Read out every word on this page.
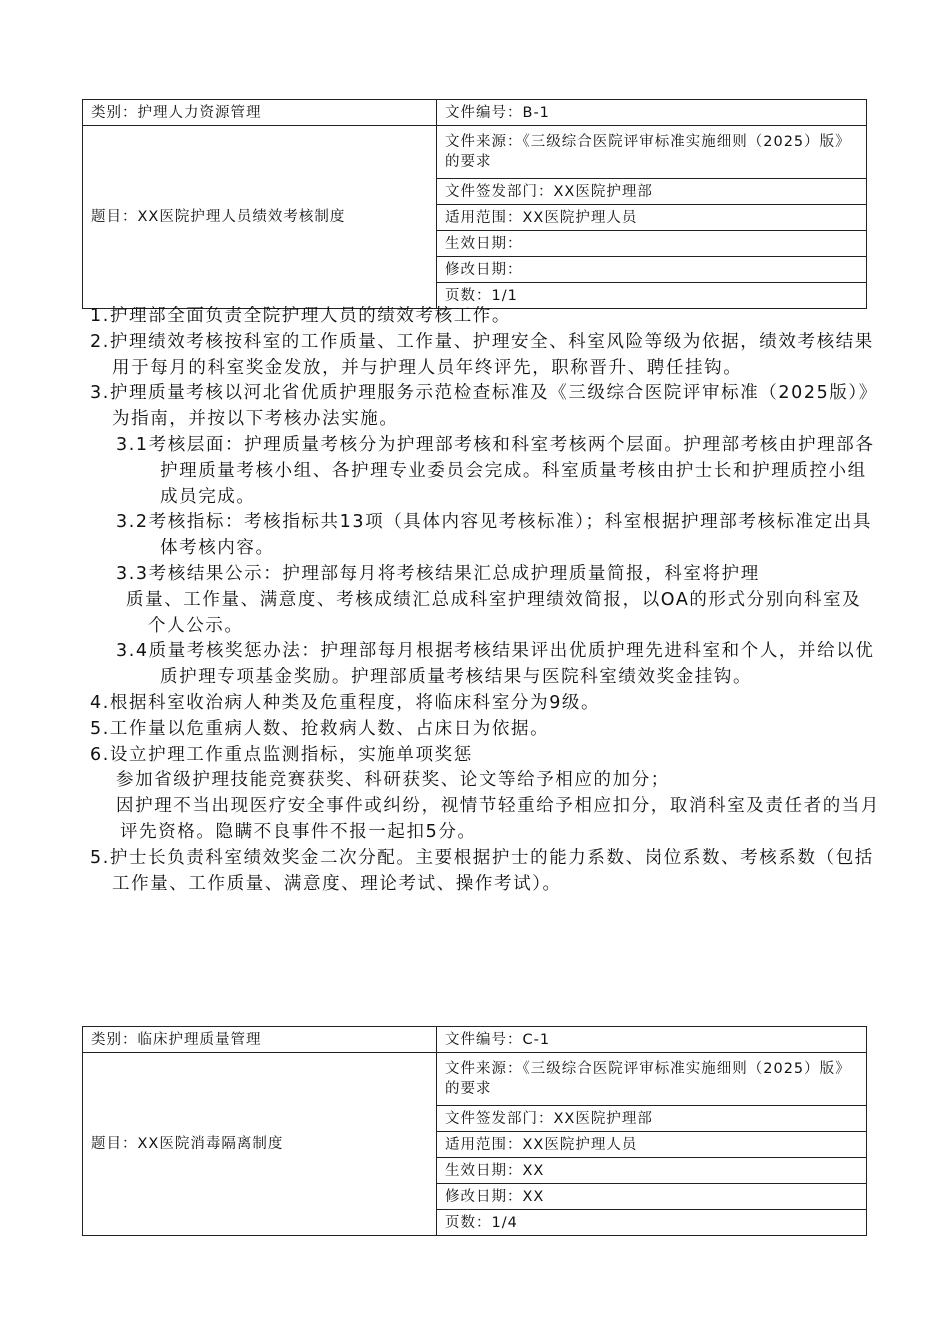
类别：护理人力资源管理	文件编号：B-1
题目：XX医院护理人员绩效考核制度	文件来源：《三级综合医院评审标准实施细则（2025）版》的要求
	文件签发部门：XX医院护理部
	适用范围：XX医院护理人员
	生效日期：
	修改日期：
	页数：1/1

1.护理部全面负责全院护理人员的绩效考核工作。

2.护理绩效考核按科室的工作质量、工作量、护理安全、科室风险等级为依据，绩效考核结果用于每月的科室奖金发放，并与护理人员年终评先，职称晋升、聘任挂钩。

3.护理质量考核以河北省优质护理服务示范检查标准及《三级综合医院评审标准（2025版）》为指南，并按以下考核办法实施。

3.1考核层面：护理质量考核分为护理部考核和科室考核两个层面。护理部考核由护理部各护理质量考核小组、各护理专业委员会完成。科室质量考核由护士长和护理质控小组成员完成。

3.2考核指标：考核指标共13项（具体内容见考核标准）；科室根据护理部考核标准定出具体考核内容。

3.3考核结果公示：护理部每月将考核结果汇总成护理质量简报，科室将护理

质量、工作量、满意度、考核成绩汇总成科室护理绩效简报，以OA的形式分别向科室及个人公示。

3.4质量考核奖惩办法：护理部每月根据考核结果评出优质护理先进科室和个人，并给以优质护理专项基金奖励。护理部质量考核结果与医院科室绩效奖金挂钩。

4.根据科室收治病人种类及危重程度，将临床科室分为9级。

5.工作量以危重病人数、抢救病人数、占床日为依据。

6.设立护理工作重点监测指标，实施单项奖惩

参加省级护理技能竞赛获奖、科研获奖、论文等给予相应的加分；

因护理不当出现医疗安全事件或纠纷，视情节轻重给予相应扣分，取消科室及责任者的当月评先资格。隐瞒不良事件不报一起扣5分。

5.护士长负责科室绩效奖金二次分配。主要根据护士的能力系数、岗位系数、考核系数（包括工作量、工作质量、满意度、理论考试、操作考试）。

类别：临床护理质量管理	文件编号：C-1
题目：XX医院消毒隔离制度	文件来源：《三级综合医院评审标准实施细则（2025）版》的要求
	文件签发部门：XX医院护理部
	适用范围：XX医院护理人员
	生效日期：XX
	修改日期：XX
	页数：1/4
